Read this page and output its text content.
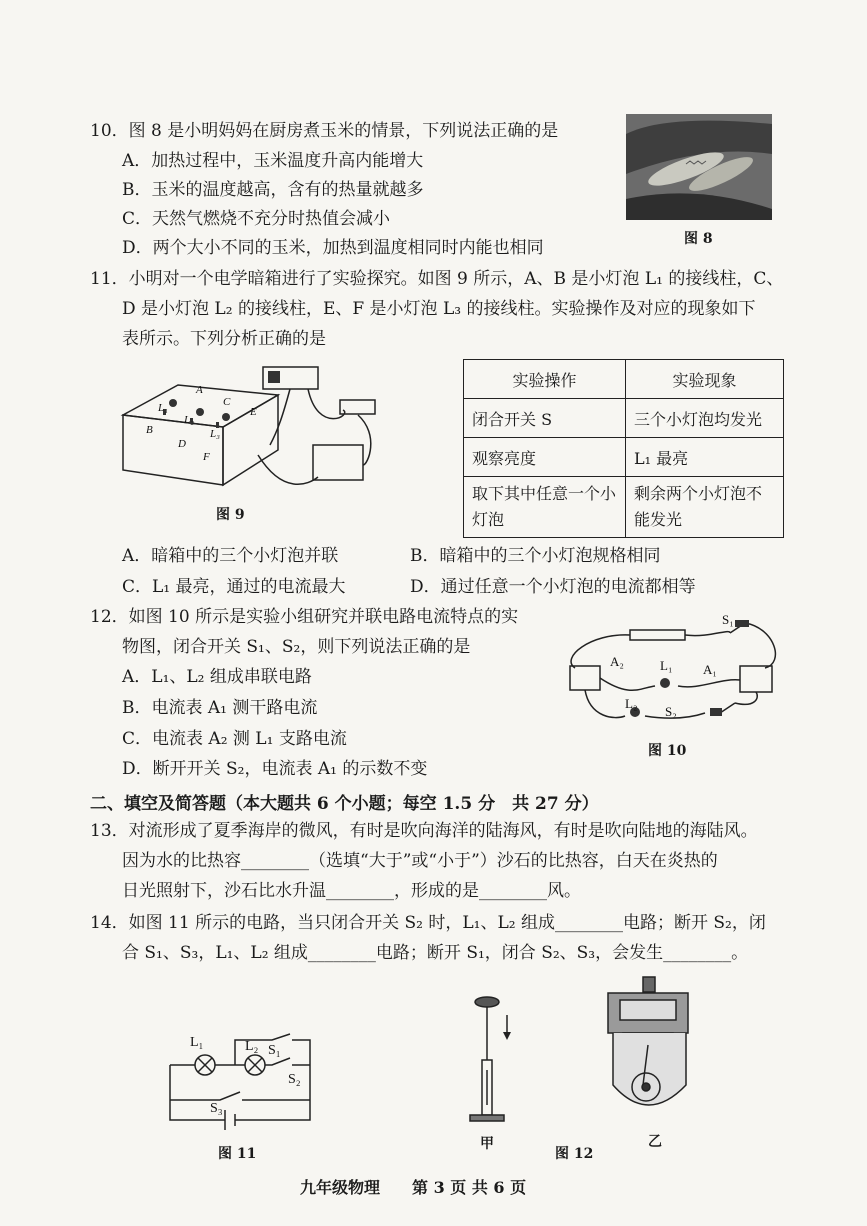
10．图 8 是小明妈妈在厨房煮玉米的情景，下列说法正确的是
A．加热过程中，玉米温度升高内能增大
B．玉米的温度越高，含有的热量就越多
C．天然气燃烧不充分时热值会减小
D．两个大小不同的玉米，加热到温度相同时内能也相同	图 8
11．小明对一个电学暗箱进行了实验探究。如图 9 所示，A、B 是小灯泡 L₁ 的接线柱，C、
D 是小灯泡 L₂ 的接线柱，E、F 是小灯泡 L₃ 的接线柱。实验操作及对应的现象如下
表所示。下列分析正确的是
A
B
C
D
E
F
L₁
L₂
L₃
图 9
实验操作	实验现象
闭合开关 S	三个小灯泡均发光
观察亮度	L₁ 最亮
取下其中任意一个小灯泡	剩余两个小灯泡不能发光
A．暗箱中的三个小灯泡并联	B．暗箱中的三个小灯泡规格相同
C．L₁ 最亮，通过的电流最大	D．通过任意一个小灯泡的电流都相等
12．如图 10 所示是实验小组研究并联电路电流特点的实
物图，闭合开关 S₁、S₂，则下列说法正确的是
A．L₁、L₂ 组成串联电路
B．电流表 A₁ 测干路电流
C．电流表 A₂ 测 L₁ 支路电流
D．断开开关 S₂，电流表 A₁ 的示数不变
S₁
A₂	L₁ A₁
L₂
S₂
图 10
二、填空及简答题（本大题共 6 个小题；每空 1.5 分　共 27 分）
13．对流形成了夏季海岸的微风，有时是吹向海洋的陆海风，有时是吹向陆地的海陆风。
因为水的比热容________（选填“大于”或“小于”）沙石的比热容，白天在炎热的
日光照射下，沙石比水升温________，形成的是________风。
14．如图 11 所示的电路，当只闭合开关 S₂ 时，L₁、L₂ 组成________电路；断开 S₂，闭
合 S₁、S₃，L₁、L₂ 组成________电路；断开 S₁，闭合 S₂、S₃，会发生________。
L₁	L₂ S₁
S₂
S₃
图 11
甲
图 12
乙
九年级物理　　第 3 页 共 6 页
